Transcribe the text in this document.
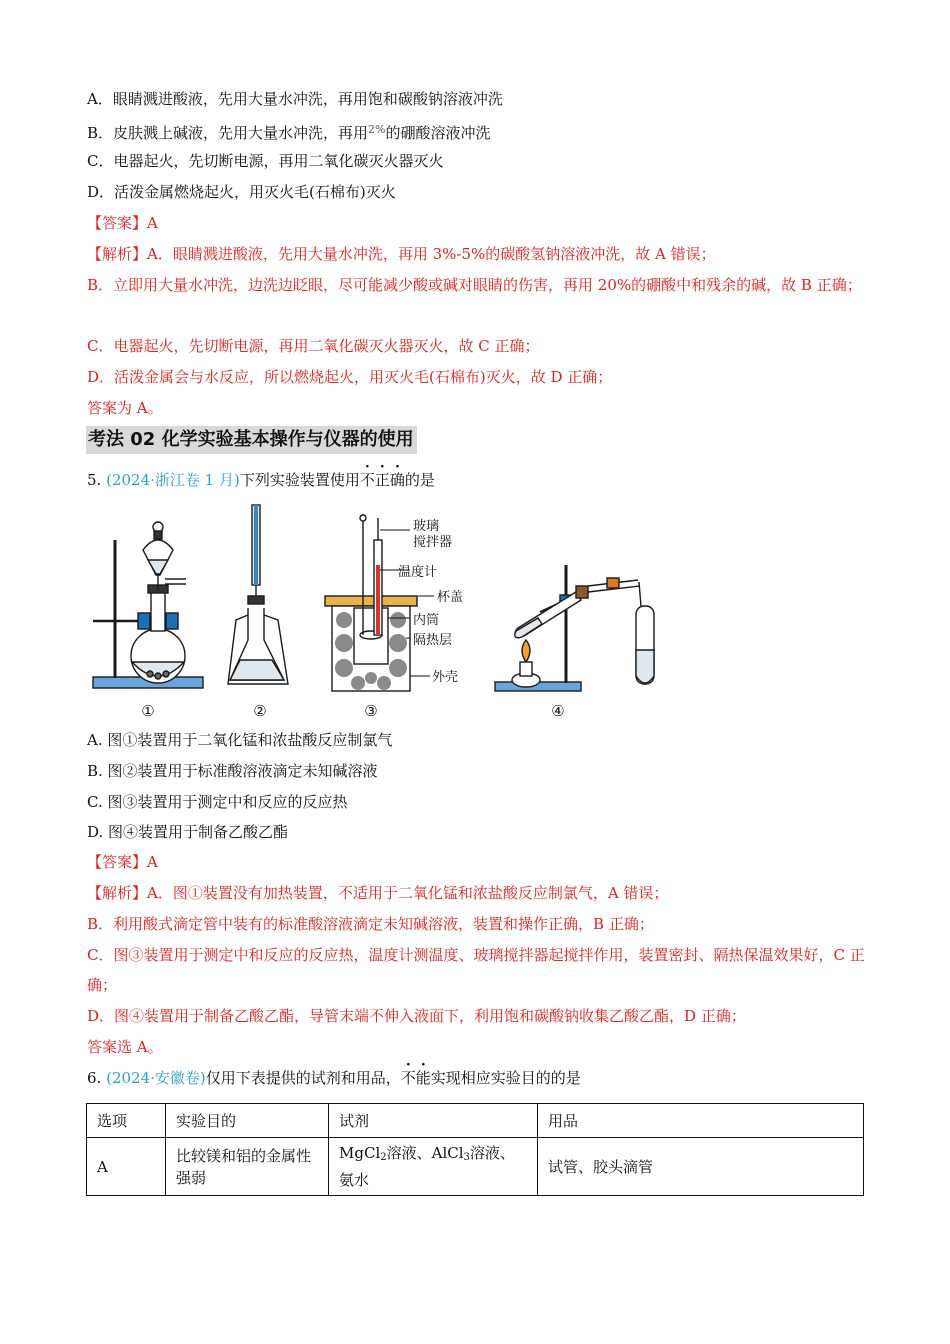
A．眼睛溅进酸液，先用大量水冲洗，再用饱和碳酸钠溶液冲洗
B．皮肤溅上碱液，先用大量水冲洗，再用$^{2\%}$的硼酸溶液冲洗
C．电器起火，先切断电源，再用二氧化碳灭火器灭火
D．活泼金属燃烧起火，用灭火毛(石棉布)灭火
【答案】A
【解析】A．眼睛溅进酸液，先用大量水冲洗，再用 3%-5%的碳酸氢钠溶液冲洗，故 A 错误；
B．立即用大量水冲洗，边洗边眨眼，尽可能减少酸或碱对眼睛的伤害，再用 20%的硼酸中和残余的碱，故 B 正确；
C．电器起火，先切断电源，再用二氧化碳灭火器灭火，故 C 正确；
D．活泼金属会与水反应，所以燃烧起火，用灭火毛(石棉布)灭火，故 D 正确；
答案为 A。
考法 02 化学实验基本操作与仪器的使用
5. (2024·浙江卷 1 月)下列实验装置使用不正确的是
玻璃
搅拌器
温度计
杯盖
内筒
隔热层
外壳
①	②	③	④
A. 图①装置用于二氧化锰和浓盐酸反应制氯气
B. 图②装置用于标准酸溶液滴定未知碱溶液
C. 图③装置用于测定中和反应的反应热
D. 图④装置用于制备乙酸乙酯
【答案】A
【解析】A．图①装置没有加热装置，不适用于二氧化锰和浓盐酸反应制氯气，A 错误；
B．利用酸式滴定管中装有的标准酸溶液滴定未知碱溶液，装置和操作正确，B 正确；
C．图③装置用于测定中和反应的反应热，温度计测温度、玻璃搅拌器起搅拌作用，装置密封、隔热保温效果好，C 正确；
D．图④装置用于制备乙酸乙酯，导管末端不伸入液面下，利用饱和碳酸钠收集乙酸乙酯，D 正确；
答案选 A。
6. (2024·安徽卷)仅用下表提供的试剂和用品，不能实现相应实验目的的是
选项	实验目的	试剂	用品
A	比较镁和铝的金属性强弱	MgCl$_2$溶液、AlCl$_3$溶液、氨水	试管、胶头滴管
